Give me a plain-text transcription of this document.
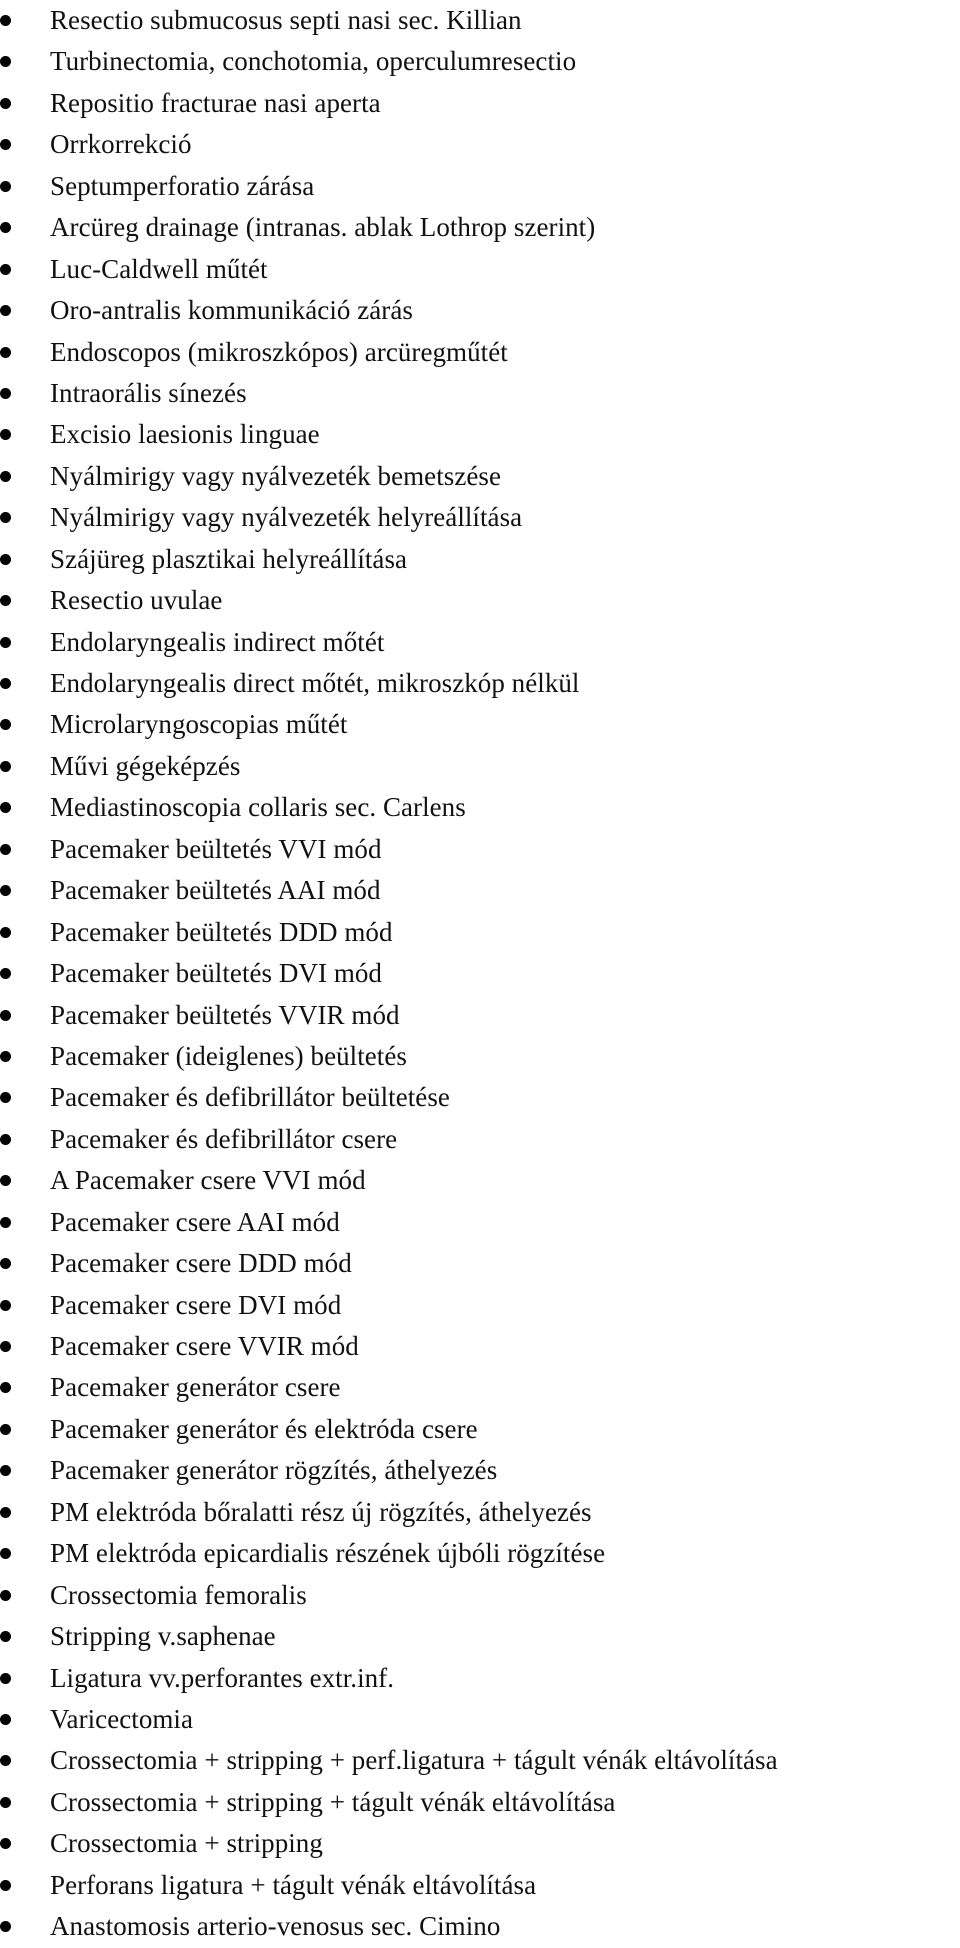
Resectio submucosus septi nasi sec. Killian
Turbinectomia, conchotomia, operculumresectio
Repositio fracturae nasi aperta
Orrkorrekció
Septumperforatio zárása
Arcüreg drainage (intranas. ablak Lothrop szerint)
Luc-Caldwell műtét
Oro-antralis kommunikáció zárás
Endoscopos (mikroszkópos) arcüregműtét
Intraorális sínezés
Excisio laesionis linguae
Nyálmirigy vagy nyálvezeték bemetszése
Nyálmirigy vagy nyálvezeték helyreállítása
Szájüreg plasztikai helyreállítása
Resectio uvulae
Endolaryngealis indirect mőtét
Endolaryngealis direct mőtét, mikroszkóp nélkül
Microlaryngoscopias műtét
Művi gégeképzés
Mediastinoscopia collaris sec. Carlens
Pacemaker beültetés VVI mód
Pacemaker beültetés AAI mód
Pacemaker beültetés DDD mód
Pacemaker beültetés DVI mód
Pacemaker beültetés VVIR mód
Pacemaker (ideiglenes) beültetés
Pacemaker és defibrillátor beültetése
Pacemaker és defibrillátor csere
A Pacemaker csere VVI mód
Pacemaker csere AAI mód
Pacemaker csere DDD mód
Pacemaker csere DVI mód
Pacemaker csere VVIR mód
Pacemaker generátor csere
Pacemaker generátor és elektróda csere
Pacemaker generátor rögzítés, áthelyezés
PM elektróda bőralatti rész új rögzítés, áthelyezés
PM elektróda epicardialis részének újbóli rögzítése
Crossectomia femoralis
Stripping v.saphenae
Ligatura vv.perforantes extr.inf.
Varicectomia
Crossectomia + stripping + perf.ligatura + tágult vénák eltávolítása
Crossectomia + stripping + tágult vénák eltávolítása
Crossectomia + stripping
Perforans ligatura + tágult vénák eltávolítása
Anastomosis arterio-venosus sec. Cimino
